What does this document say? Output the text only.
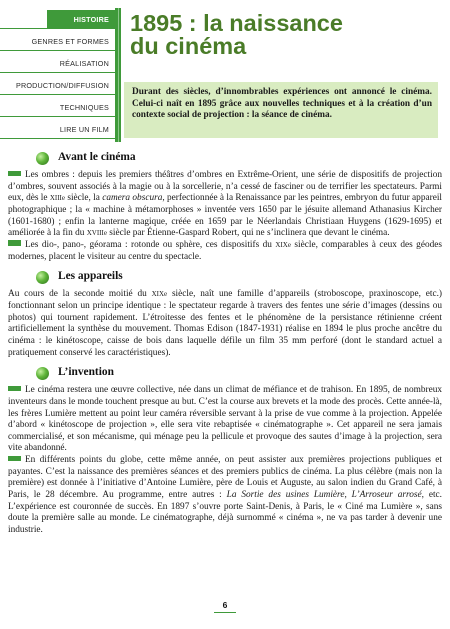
HISTOIRE
GENRES ET FORMES
RÉALISATION
PRODUCTION/DIFFUSION
TECHNIQUES
LIRE UN FILM
1895 : la naissance
du cinéma
Durant des siècles, d’innombrables expériences ont annoncé le cinéma. Celui-ci naît en 1895 grâce aux nouvelles techniques et à la création d’un contexte social de projection : la séance de cinéma.
Avant le cinéma

Les ombres : depuis les premiers théâtres d’ombres en Extrême-Orient, une série de dispositifs de projection d’ombres, souvent associés à la magie ou à la sorcellerie, n’a cessé de fasciner ou de terrifier les spectateurs. Parmi eux, dès le XIIIe siècle, la camera obscura, perfectionnée à la Renaissance par les peintres, embryon du futur appareil photographique ; la « machine à métamorphoses » inventée vers 1650 par le jésuite allemand Athanasius Kircher (1601-1680) ; enfin la lanterne magique, créée en 1659 par le Néerlandais Christiaan Huygens (1629-1695) et améliorée à la fin du XVIIIe siècle par Étienne-Gaspard Robert, qui ne s’inclinera que devant le cinéma.

Les dio-, pano-, géorama : rotonde ou sphère, ces dispositifs du XIXe siècle, comparables à ceux des géodes modernes, placent le visiteur au centre du spectacle.

Les appareils

Au cours de la seconde moitié du XIXe siècle, naît une famille d’appareils (stroboscope, praxinoscope, etc.) fonctionnant selon un principe identique : le spectateur regarde à travers des fentes une série d’images (dessins ou photos) qui tournent rapidement. L’étroitesse des fentes et le phénomène de la persistance rétinienne créent artificiellement la synthèse du mouvement. Thomas Edison (1847-1931) réalise en 1894 le plus proche ancêtre du cinéma : le kinétoscope, caisse de bois dans laquelle défile un film 35 mm perforé (dont le standard actuel a pratiquement conservé les caractéristiques).

L’invention

Le cinéma restera une œuvre collective, née dans un climat de méfiance et de trahison. En 1895, de nombreux inventeurs dans le monde touchent presque au but. C’est la course aux brevets et la mode des procès. Cette année-là, les frères Lumière mettent au point leur caméra réversible servant à la prise de vue comme à la projection. Appelée d’abord « kinétoscope de projection », elle sera vite rebaptisée « cinématographe ». Cet appareil ne sera jamais commercialisé, et son mécanisme, qui ménage peu la pellicule et provoque des sautes d’image à la projection, sera vite abandonné.

En différents points du globe, cette même année, on peut assister aux premières projections publiques et payantes. C’est la naissance des premières séances et des premiers publics de cinéma. La plus célèbre (mais non la première) est donnée à l’initiative d’Antoine Lumière, père de Louis et Auguste, au salon indien du Grand Café, à Paris, le 28 décembre. Au programme, entre autres : La Sortie des usines Lumière, L’Arroseur arrosé, etc. L’expérience est couronnée de succès. En 1897 s’ouvre porte Saint-Denis, à Paris, le « Ciné ma Lumière », sans doute la première salle au monde. Le cinématographe, déjà surnommé « cinéma », ne va pas tarder à devenir une industrie.

6
